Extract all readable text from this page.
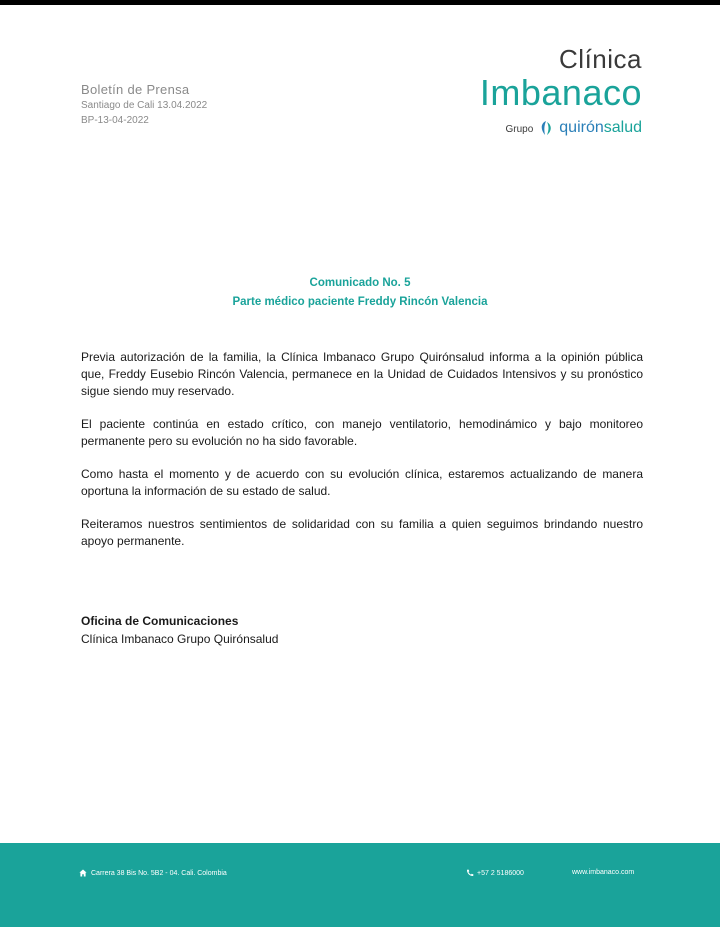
Boletín de Prensa
Santiago de Cali 13.04.2022
BP-13-04-2022
Clínica
Imbanaco
Grupo quirónsalud
Comunicado No. 5
Parte médico paciente Freddy Rincón Valencia

Previa autorización de la familia, la Clínica Imbanaco Grupo Quirónsalud informa a la opinión pública que, Freddy Eusebio Rincón Valencia, permanece en la Unidad de Cuidados Intensivos y su pronóstico sigue siendo muy reservado.

El paciente continúa en estado crítico, con manejo ventilatorio, hemodinámico y bajo monitoreo permanente pero su evolución no ha sido favorable.

Como hasta el momento y de acuerdo con su evolución clínica, estaremos actualizando de manera oportuna la información de su estado de salud.

Reiteramos nuestros sentimientos de solidaridad con su familia a quien seguimos brindando nuestro apoyo permanente.

Oficina de Comunicaciones
Clínica Imbanaco Grupo Quirónsalud
Carrera 38 Bis No. 5B2 - 04. Cali. Colombia	+57 2 5186000	www.imbanaco.com
